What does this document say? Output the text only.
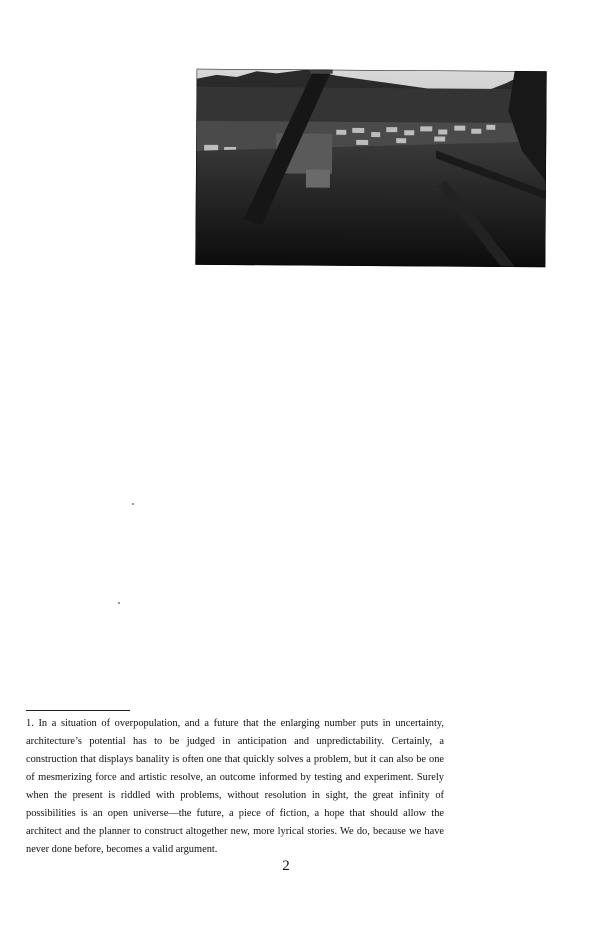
1. In a situation of overpopulation, and a future that the enlarging number puts in uncertainty, architecture’s potential has to be judged in anticipation and unpredictability. Certainly, a construction that displays banality is often one that quickly solves a problem, but it can also be one of mesmerizing force and artistic resolve, an outcome informed by testing and experiment. Surely when the present is riddled with problems, without resolution in sight, the great infinity of possibilities is an open universe—the future, a piece of fiction, a hope that should allow the architect and the planner to construct altogether new, more lyrical stories. We do, because we have never done before, becomes a valid argument.

2
